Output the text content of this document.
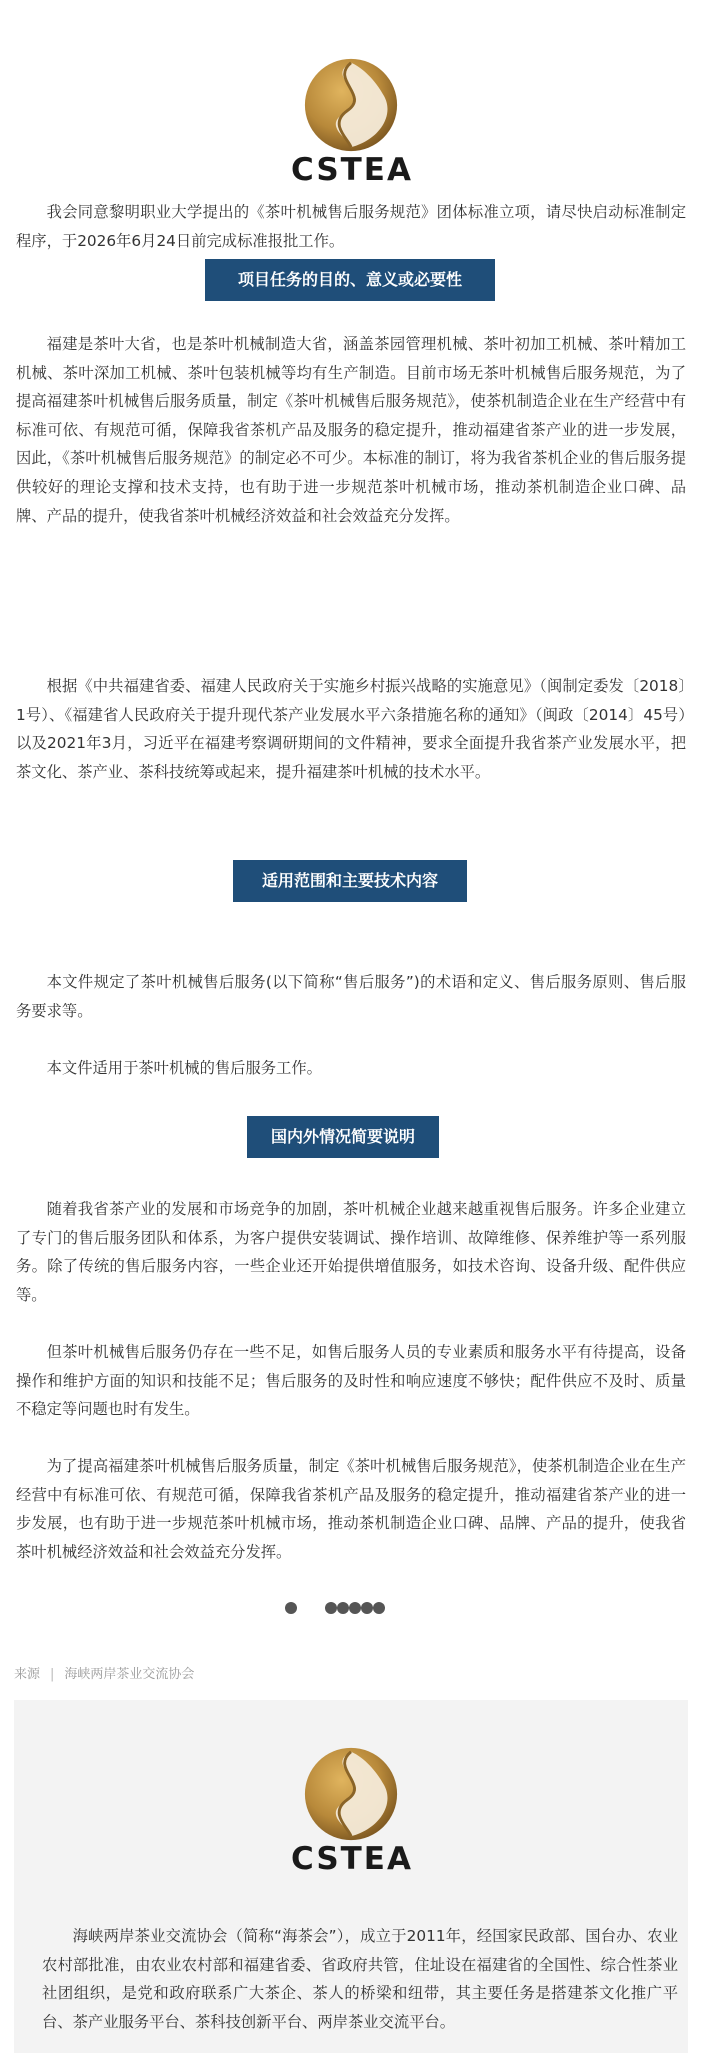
CSTEA

我会同意黎明职业大学提出的《茶叶机械售后服务规范》团体标准立项，请尽快启动标准制定程序，于2026年6月24日前完成标准报批工作。

项目任务的目的、意义或必要性

福建是茶叶大省，也是茶叶机械制造大省，涵盖茶园管理机械、茶叶初加工机械、茶叶精加工机械、茶叶深加工机械、茶叶包装机械等均有生产制造。目前市场无茶叶机械售后服务规范，为了提高福建茶叶机械售后服务质量，制定《茶叶机械售后服务规范》，使茶机制造企业在生产经营中有标准可依、有规范可循，保障我省茶机产品及服务的稳定提升，推动福建省茶产业的进一步发展，因此，《茶叶机械售后服务规范》的制定必不可少。本标准的制订，将为我省茶机企业的售后服务提供较好的理论支撑和技术支持，也有助于进一步规范茶叶机械市场，推动茶机制造企业口碑、品牌、产品的提升，使我省茶叶机械经济效益和社会效益充分发挥。

根据《中共福建省委、福建人民政府关于实施乡村振兴战略的实施意见》（闽制定委发〔2018〕1号）、《福建省人民政府关于提升现代茶产业发展水平六条措施名称的通知》（闽政〔2014〕45号）以及2021年3月，习近平在福建考察调研期间的文件精神，要求全面提升我省茶产业发展水平，把茶文化、茶产业、茶科技统筹或起来，提升福建茶叶机械的技术水平。

适用范围和主要技术内容

本文件规定了茶叶机械售后服务(以下简称“售后服务”)的术语和定义、售后服务原则、售后服务要求等。

本文件适用于茶叶机械的售后服务工作。

国内外情况简要说明

随着我省茶产业的发展和市场竞争的加剧，茶叶机械企业越来越重视售后服务。许多企业建立了专门的售后服务团队和体系，为客户提供安装调试、操作培训、故障维修、保养维护等一系列服务。除了传统的售后服务内容，一些企业还开始提供增值服务，如技术咨询、设备升级、配件供应等。

但茶叶机械售后服务仍存在一些不足，如售后服务人员的专业素质和服务水平有待提高，设备操作和维护方面的知识和技能不足；售后服务的及时性和响应速度不够快；配件供应不及时、质量不稳定等问题也时有发生。

为了提高福建茶叶机械售后服务质量，制定《茶叶机械售后服务规范》，使茶机制造企业在生产经营中有标准可依、有规范可循，保障我省茶机产品及服务的稳定提升，推动福建省茶产业的进一步发展，也有助于进一步规范茶叶机械市场，推动茶机制造企业口碑、品牌、产品的提升，使我省茶叶机械经济效益和社会效益充分发挥。

来源 | 海峡两岸茶业交流协会
CSTEA

海峡两岸茶业交流协会（简称“海茶会”），成立于2011年，经国家民政部、国台办、农业农村部批准，由农业农村部和福建省委、省政府共管，住址设在福建省的全国性、综合性茶业社团组织，是党和政府联系广大茶企、茶人的桥梁和纽带，其主要任务是搭建茶文化推广平台、茶产业服务平台、茶科技创新平台、两岸茶业交流平台。
